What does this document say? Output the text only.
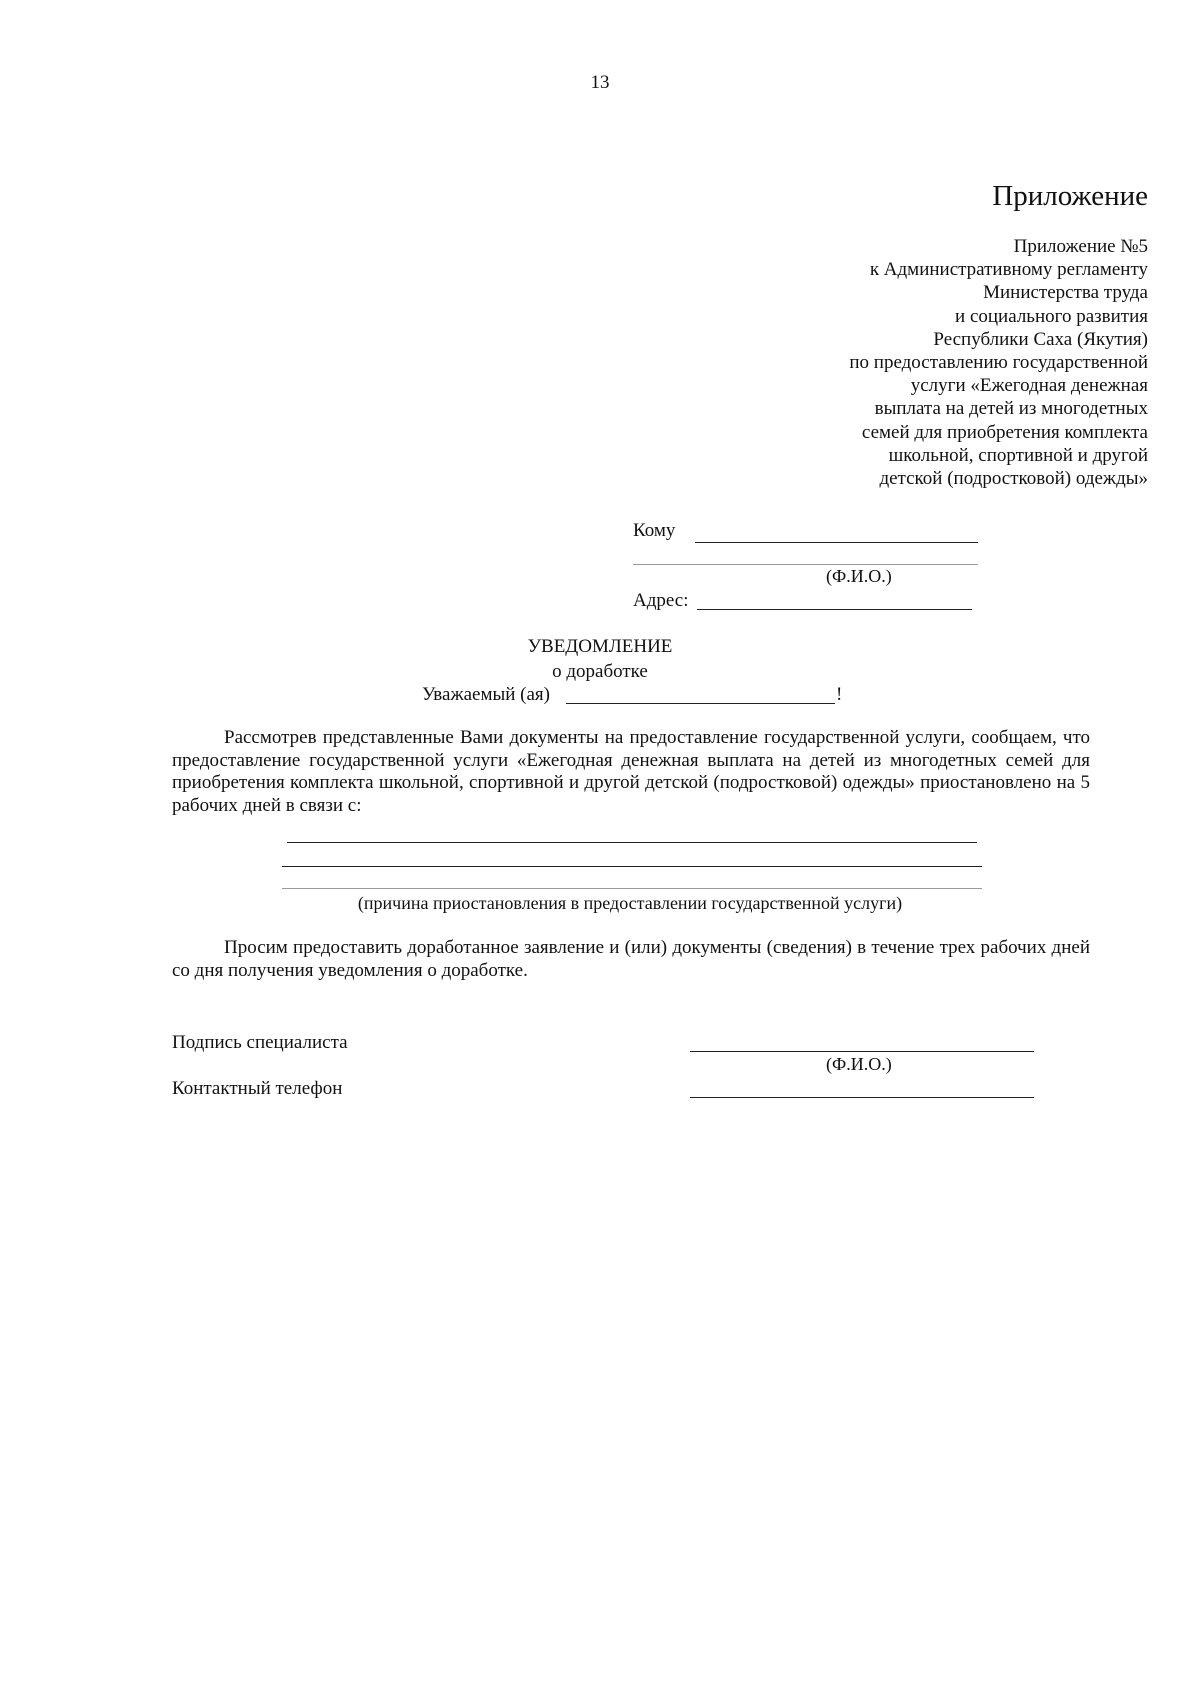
13
Приложение
Приложение №5
к Административному регламенту
Министерства труда
и социального развития
Республики Саха (Якутия)
по предоставлению государственной
услуги «Ежегодная денежная
выплата на детей из многодетных
семей для приобретения комплекта
школьной, спортивной и другой
детской (подростковой) одежды»
Кому
(Ф.И.О.)
Адрес:
УВЕДОМЛЕНИЕ
о доработке
Уважаемый (ая)	!
Рассмотрев представленные Вами документы на предоставление государственной услуги, сообщаем, что предоставление государственной услуги «Ежегодная денежная выплата на детей из многодетных семей для приобретения комплекта школьной, спортивной и другой детской (подростковой) одежды» приостановлено на 5 рабочих дней в связи с:
(причина приостановления в предоставлении государственной услуги)
Просим предоставить доработанное заявление и (или) документы (сведения) в течение трех рабочих дней со дня получения уведомления о доработке.
Подпись специалиста
(Ф.И.О.)
Контактный телефон
